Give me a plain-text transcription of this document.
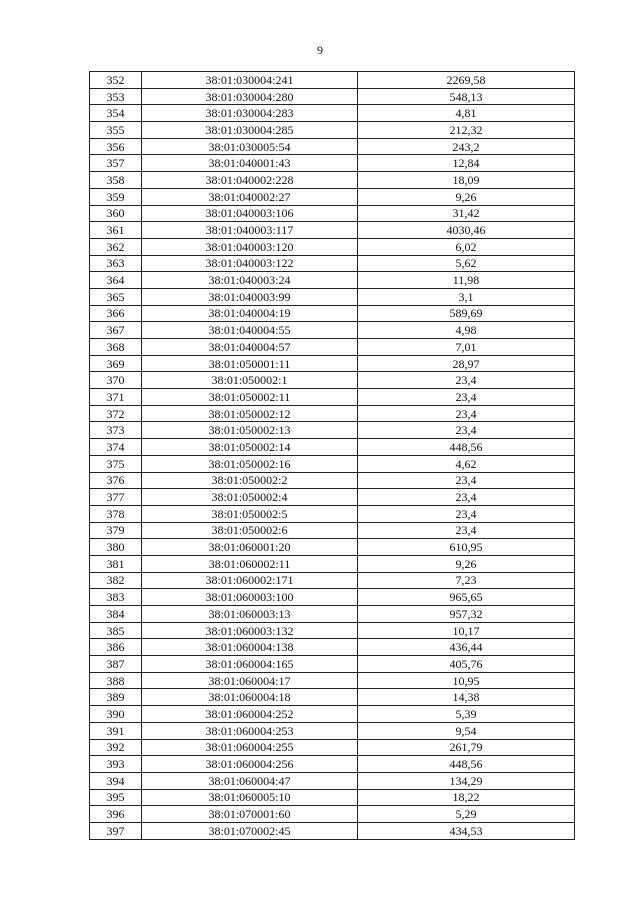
9
352	38:01:030004:241	2269,58
353	38:01:030004:280	548,13
354	38:01:030004:283	4,81
355	38:01:030004:285	212,32
356	38:01:030005:54	243,2
357	38:01:040001:43	12,84
358	38:01:040002:228	18,09
359	38:01:040002:27	9,26
360	38:01:040003:106	31,42
361	38:01:040003:117	4030,46
362	38:01:040003:120	6,02
363	38:01:040003:122	5,62
364	38:01:040003:24	11,98
365	38:01:040003:99	3,1
366	38:01:040004:19	589,69
367	38:01:040004:55	4,98
368	38:01:040004:57	7,01
369	38:01:050001:11	28,97
370	38:01:050002:1	23,4
371	38:01:050002:11	23,4
372	38:01:050002:12	23,4
373	38:01:050002:13	23,4
374	38:01:050002:14	448,56
375	38:01:050002:16	4,62
376	38:01:050002:2	23,4
377	38:01:050002:4	23,4
378	38:01:050002:5	23,4
379	38:01:050002:6	23,4
380	38:01:060001:20	610,95
381	38:01:060002:11	9,26
382	38:01:060002:171	7,23
383	38:01:060003:100	965,65
384	38:01:060003:13	957,32
385	38:01:060003:132	10,17
386	38:01:060004:138	436,44
387	38:01:060004:165	405,76
388	38:01:060004:17	10,95
389	38:01:060004:18	14,38
390	38:01:060004:252	5,39
391	38:01:060004:253	9,54
392	38:01:060004:255	261,79
393	38:01:060004:256	448,56
394	38:01:060004:47	134,29
395	38:01:060005:10	18,22
396	38:01:070001:60	5,29
397	38:01:070002:45	434,53
